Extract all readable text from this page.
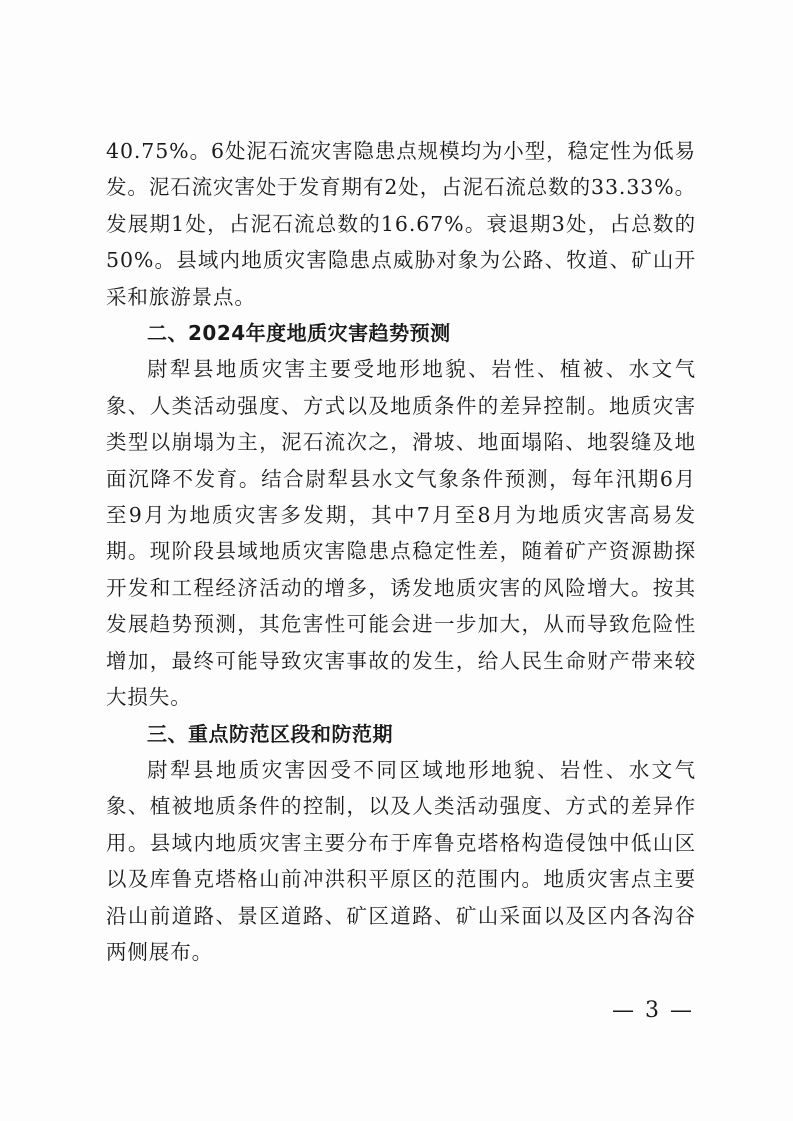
40.75%。6处泥石流灾害隐患点规模均为小型，稳定性为低易发。泥石流灾害处于发育期有2处，占泥石流总数的33.33%。发展期1处，占泥石流总数的16.67%。衰退期3处，占总数的50%。县域内地质灾害隐患点威胁对象为公路、牧道、矿山开采和旅游景点。

二、2024年度地质灾害趋势预测

尉犁县地质灾害主要受地形地貌、岩性、植被、水文气象、人类活动强度、方式以及地质条件的差异控制。地质灾害类型以崩塌为主，泥石流次之，滑坡、地面塌陷、地裂缝及地面沉降不发育。结合尉犁县水文气象条件预测，每年汛期6月至9月为地质灾害多发期，其中7月至8月为地质灾害高易发期。现阶段县域地质灾害隐患点稳定性差，随着矿产资源勘探开发和工程经济活动的增多，诱发地质灾害的风险增大。按其发展趋势预测，其危害性可能会进一步加大，从而导致危险性增加，最终可能导致灾害事故的发生，给人民生命财产带来较大损失。

三、重点防范区段和防范期

尉犁县地质灾害因受不同区域地形地貌、岩性、水文气象、植被地质条件的控制，以及人类活动强度、方式的差异作用。县域内地质灾害主要分布于库鲁克塔格构造侵蚀中低山区以及库鲁克塔格山前冲洪积平原区的范围内。地质灾害点主要沿山前道路、景区道路、矿区道路、矿山采面以及区内各沟谷两侧展布。

— 3 —
